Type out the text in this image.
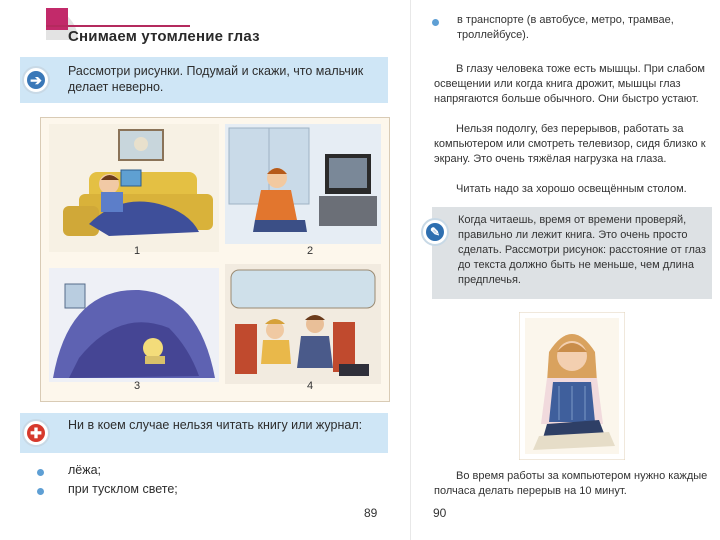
Снимаем утомление глаз
➔
Рассмотри рисунки. Подумай и скажи, что мальчик делает неверно.
1	2
3	4
✚ Ни в коем случае нельзя читать книгу или журнал:
лёжа;
при тусклом свете;
89
в транспорте (в автобусе, метро, трамвае, троллейбусе).
В глазу человека тоже есть мышцы. При слабом освещении или когда книга дрожит, мышцы глаз напрягаются больше обычного. Они быстро устают.
Нельзя подолгу, без перерывов, работать за компьютером или смотреть телевизор, сидя близко к экрану. Это очень тяжёлая нагрузка на глаза.
Читать надо за хорошо освещённым столом.
Когда читаешь, время от времени проверяй, правильно ли лежит книга. Это очень просто сделать. Рассмотри рисунок: расстояние от глаз до текста должно быть не меньше, чем длина предплечья.
✎
Во время работы за компьютером нужно каждые полчаса делать перерыв на 10 минут.
90
